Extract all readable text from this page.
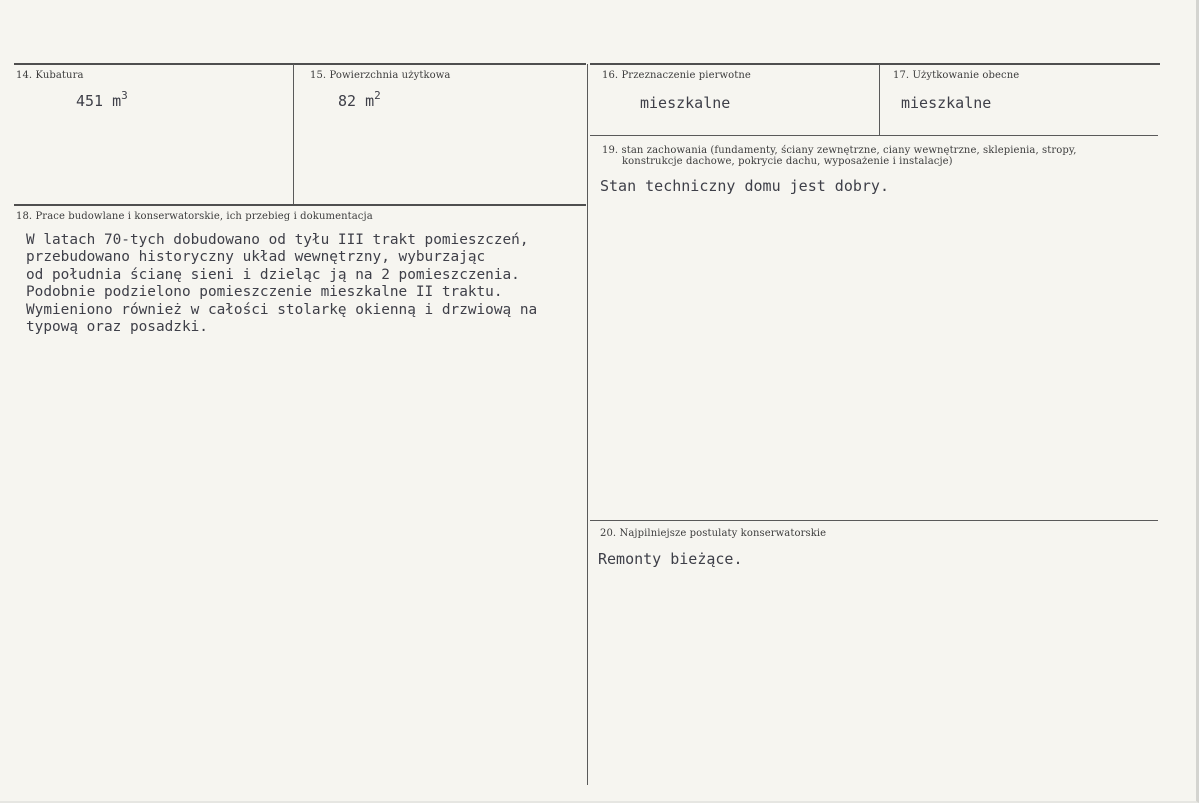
14. Kubatura
451 $m^3$
15. Powierzchnia użytkowa
82 $m^2$
16. Przeznaczenie pierwotne
mieszkalne
17. Użytkowanie obecne
mieszkalne
18. Prace budowlane i konserwatorskie, ich przebieg i dokumentacja
W latach 70-tych dobudowano od tyłu III trakt pomieszczeń,
przebudowano historyczny układ wewnętrzny, wyburzając
od południa ścianę sieni i dzieląc ją na 2 pomieszczenia.
Podobnie podzielono pomieszczenie mieszkalne II traktu.
Wymieniono również w całości stolarkę okienną i drzwiową na
typową oraz posadzki.
19. stan zachowania (fundamenty, ściany zewnętrzne, ciany wewnętrzne, sklepienia, stropy,
konstrukcje dachowe, pokrycie dachu, wyposażenie i instalacje)
Stan techniczny domu jest dobry.
20. Najpilniejsze postulaty konserwatorskie
Remonty bieżące.
